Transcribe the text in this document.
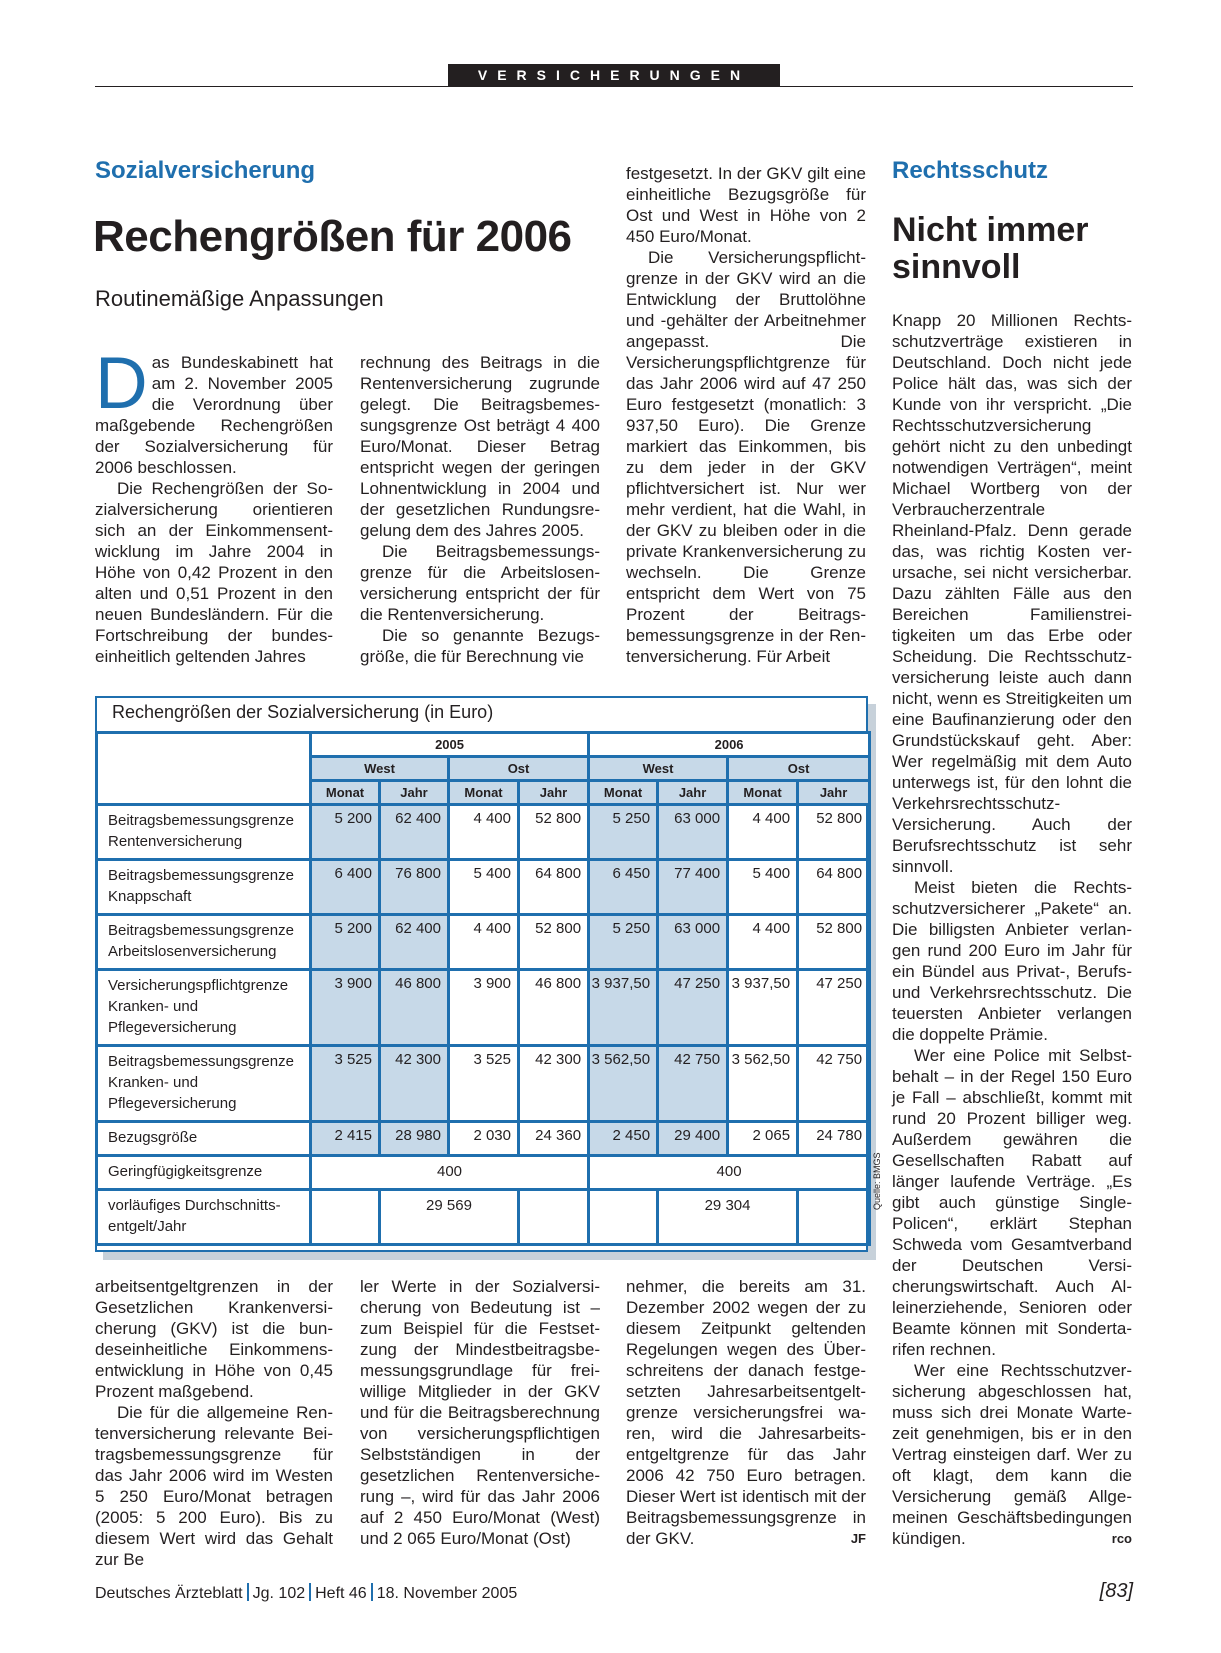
VERSICHERUNGEN
Sozialversicherung
Rechengrößen für 2006
Routinemäßige Anpassungen

Das Bundeskabinett hat am 2. November 2005 die Verordnung über maßgebende Rechengrößen der Sozialversicherung für 2006 beschlossen.

Die Rechengrößen der Sozialversicherung orientieren sich an der Einkommensentwicklung im Jahre 2004 in Höhe von 0,42 Prozent in den alten und 0,51 Prozent in den neuen Bundesländern. Für die Fortschreibung der bundeseinheitlich geltenden Jahres

rechnung des Beitrags in die Rentenversicherung zugrunde gelegt. Die Beitragsbemessungsgrenze Ost beträgt 4 400 Euro/Monat. Dieser Betrag entspricht wegen der geringen Lohnentwicklung in 2004 und der gesetzlichen Rundungsregelung dem des Jahres 2005.

Die Beitragsbemessungsgrenze für die Arbeitslosenversicherung entspricht der für die Rentenversicherung.

Die so genannte Bezugsgröße, die für Berechnung vie

festgesetzt. In der GKV gilt eine einheitliche Bezugsgröße für Ost und West in Höhe von 2 450 Euro/Monat.

Die Versicherungspflichtgrenze in der GKV wird an die Entwicklung der Bruttolöhne und -gehälter der Arbeitnehmer angepasst. Die Versicherungspflichtgrenze für das Jahr 2006 wird auf 47 250 Euro festgesetzt (monatlich: 3 937,50 Euro). Die Grenze markiert das Einkommen, bis zu dem jeder in der GKV pflichtversichert ist. Nur wer mehr verdient, hat die Wahl, in der GKV zu bleiben oder in die private Krankenversicherung zu wechseln. Die Grenze entspricht dem Wert von 75 Prozent der Beitragsbemessungsgrenze in der Rentenversicherung. Für Arbeit

Rechengrößen der Sozialversicherung (in Euro)
	2005				2006			
	West		Ost		West		Ost	
	Monat	Jahr	Monat	Jahr	Monat	Jahr	Monat	Jahr
Beitragsbemessungsgrenze Rentenversicherung	5 200	62 400	4 400	52 800	5 250	63 000	4 400	52 800
Beitragsbemessungsgrenze Knappschaft	6 400	76 800	5 400	64 800	6 450	77 400	5 400	64 800
Beitragsbemessungsgrenze Arbeitslosenversicherung	5 200	62 400	4 400	52 800	5 250	63 000	4 400	52 800
Versicherungspflichtgrenze Kranken- und Pflegeversicherung	3 900	46 800	3 900	46 800	3 937,50	47 250	3 937,50	47 250
Beitragsbemessungsgrenze Kranken- und Pflegeversicherung	3 525	42 300	3 525	42 300	3 562,50	42 750	3 562,50	42 750
Bezugsgröße	2 415	28 980	2 030	24 360	2 450	29 400	2 065	24 780
Geringfügigkeitsgrenze	400				400			
vorläufiges Durchschnittsentgelt/Jahr		29 569				29 304			Quelle: BMGS

arbeitsentgeltgrenzen in der Gesetzlichen Krankenversicherung (GKV) ist die bundeseinheitliche Einkommensentwicklung in Höhe von 0,45 Prozent maßgebend.

Die für die allgemeine Rentenversicherung relevante Beitragsbemessungsgrenze für das Jahr 2006 wird im Westen 5 250 Euro/Monat betragen (2005: 5 200 Euro). Bis zu diesem Wert wird das Gehalt zur Be

ler Werte in der Sozialversicherung von Bedeutung ist – zum Beispiel für die Festsetzung der Mindestbeitragsbemessungsgrundlage für freiwillige Mitglieder in der GKV und für die Beitragsberechnung von versicherungspflichtigen Selbstständigen in der gesetzlichen Rentenversicherung –, wird für das Jahr 2006 auf 2 450 Euro/Monat (West) und 2 065 Euro/Monat (Ost)

nehmer, die bereits am 31. Dezember 2002 wegen der zu diesem Zeitpunkt geltenden Regelungen wegen des Überschreitens der danach festgesetzten Jahresarbeitsentgeltgrenze versicherungsfrei waren, wird die Jahresarbeitsentgeltgrenze für das Jahr 2006 42 750 Euro betragen. Dieser Wert ist identisch mit der Beitragsbemessungsgrenze in der GKV.	JF

Rechtsschutz
Nicht immer
sinnvoll

Knapp 20 Millionen Rechtsschutzverträge existieren in Deutschland. Doch nicht jede Police hält das, was sich der Kunde von ihr verspricht. „Die Rechtsschutzversicherung gehört nicht zu den unbedingt notwendigen Verträgen“, meint Michael Wortberg von der Verbraucherzentrale Rheinland-Pfalz. Denn gerade das, was richtig Kosten verursache, sei nicht versicherbar. Dazu zählten Fälle aus den Bereichen Familienstreitigkeiten um das Erbe oder Scheidung. Die Rechtsschutzversicherung leiste auch dann nicht, wenn es Streitigkeiten um eine Baufinanzierung oder den Grundstückskauf geht. Aber: Wer regelmäßig mit dem Auto unterwegs ist, für den lohnt die Verkehrsrechtsschutz-Versicherung. Auch der Berufsrechtsschutz ist sehr sinnvoll.

Meist bieten die Rechtsschutzversicherer „Pakete“ an. Die billigsten Anbieter verlangen rund 200 Euro im Jahr für ein Bündel aus Privat-, Berufs- und Verkehrsrechtsschutz. Die teuersten Anbieter verlangen die doppelte Prämie.

Wer eine Police mit Selbstbehalt – in der Regel 150 Euro je Fall – abschließt, kommt mit rund 20 Prozent billiger weg. Außerdem gewähren die Gesellschaften Rabatt auf länger laufende Verträge. „Es gibt auch günstige Single-Policen“, erklärt Stephan Schweda vom Gesamtverband der Deutschen Versicherungswirtschaft. Auch Alleinerziehende, Senioren oder Beamte können mit Sondertarifen rechnen.

Wer eine Rechtsschutzversicherung abgeschlossen hat, muss sich drei Monate Wartezeit genehmigen, bis er in den Vertrag einsteigen darf. Wer zu oft klagt, dem kann die Versicherung gemäß Allgemeinen Geschäftsbedingungen kündigen.	rco

Deutsches Ärzteblatt Jg. 102 Heft 46 18. November 2005	[83]
